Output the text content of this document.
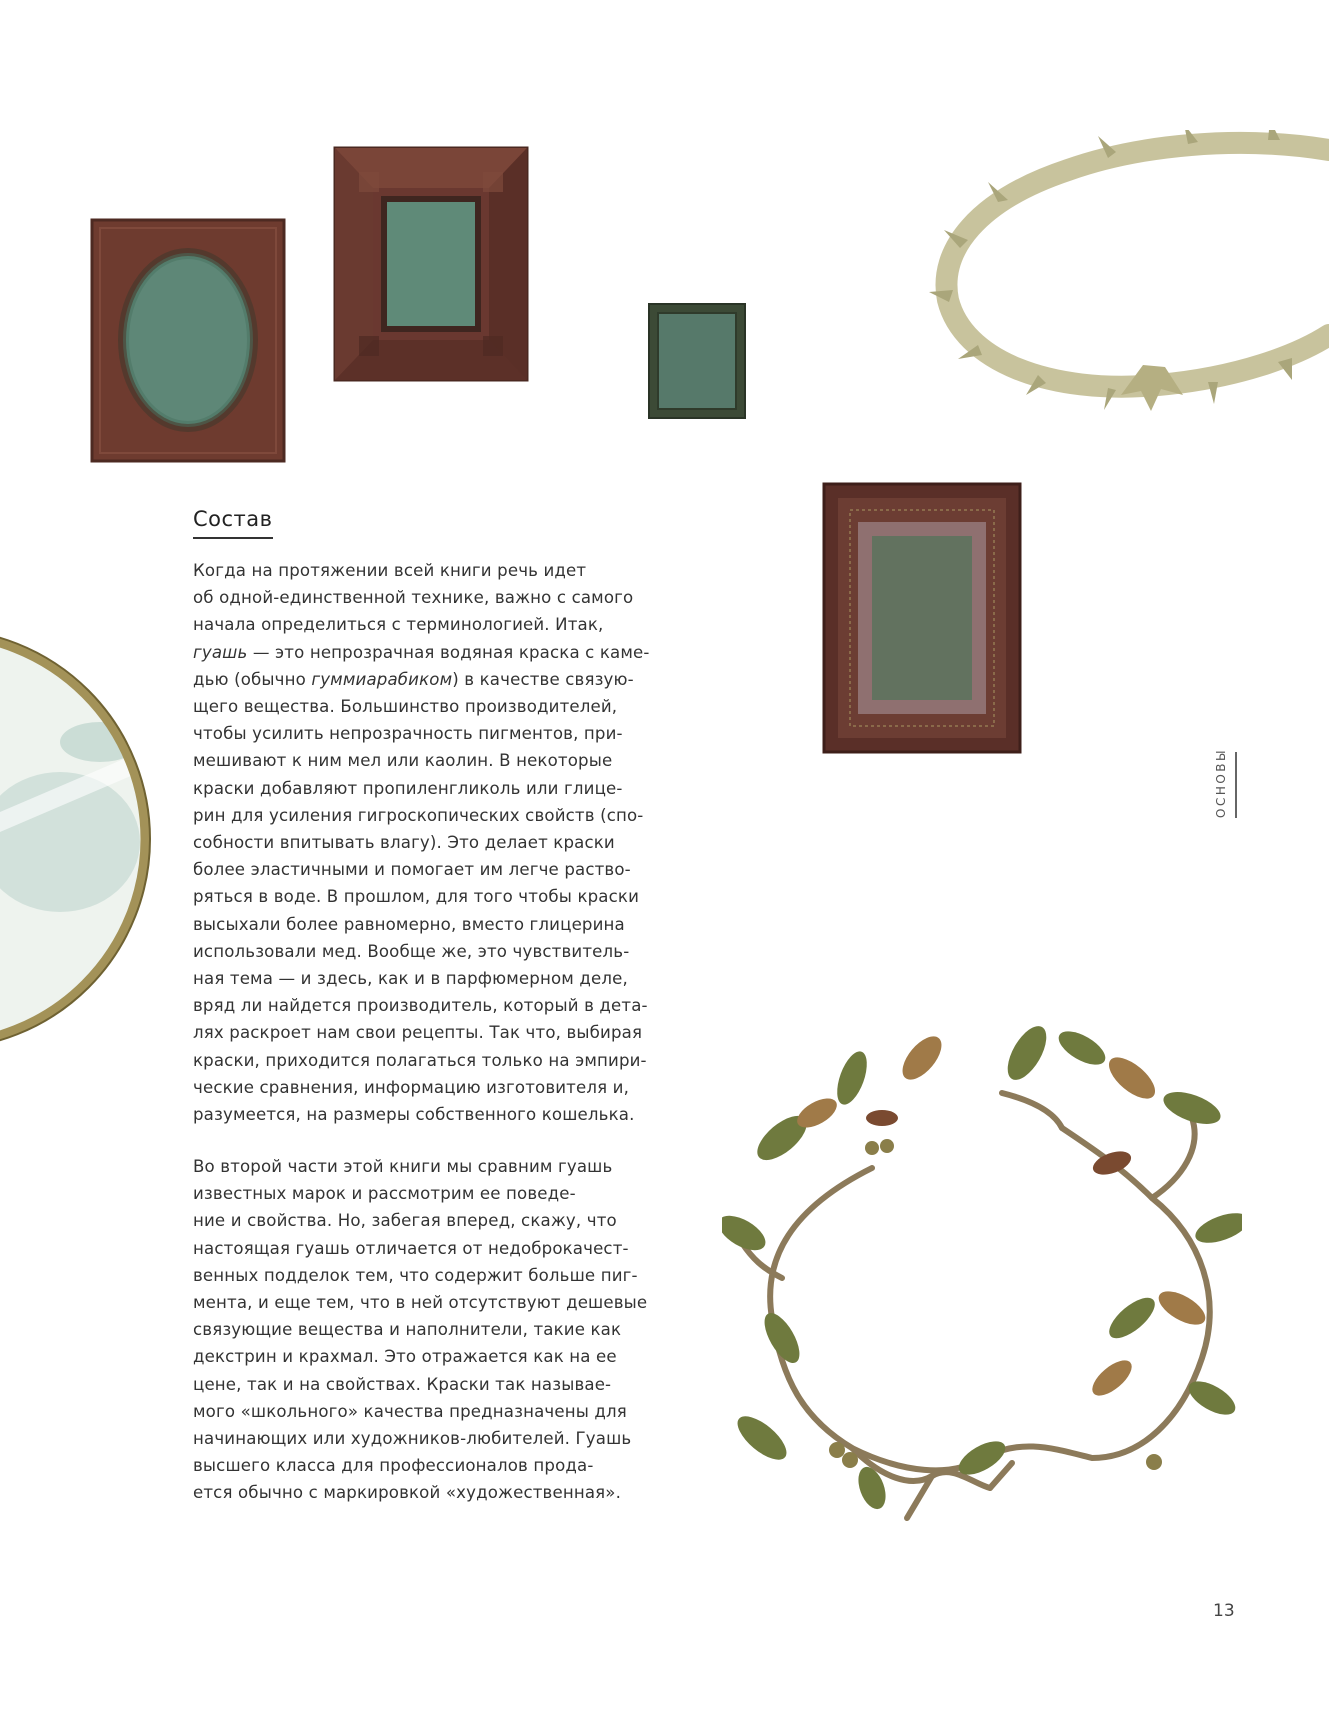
Состав

Когда на протяжении всей книги речь идет
об одной-единственной технике, важно с самого
начала определиться с терминологией. Итак,
гуашь — это непрозрачная водяная краска с каме-
дью (обычно гуммиарабиком) в качестве связую-
щего вещества. Большинство производителей,
чтобы усилить непрозрачность пигментов, при-
мешивают к ним мел или каолин. В некоторые
краски добавляют пропиленгликоль или глице-
рин для усиления гигроскопических свойств (спо-
собности впитывать влагу). Это делает краски
более эластичными и помогает им легче раство-
ряться в воде. В прошлом, для того чтобы краски
высыхали более равномерно, вместо глицерина
использовали мед. Вообще же, это чувствитель-
ная тема — и здесь, как и в парфюмерном деле,
вряд ли найдется производитель, который в дета-
лях раскроет нам свои рецепты. Так что, выбирая
краски, приходится полагаться только на эмпири-
ческие сравнения, информацию изготовителя и,
разумеется, на размеры собственного кошелька.

Во второй части этой книги мы сравним гуашь
известных марок и рассмотрим ее поведе-
ние и свойства. Но, забегая вперед, скажу, что
настоящая гуашь отличается от недоброкачест-
венных подделок тем, что содержит больше пиг-
мента, и еще тем, что в ней отсутствуют дешевые
связующие вещества и наполнители, такие как
декстрин и крахмал. Это отражается как на ее
цене, так и на свойствах. Краски так называе-
мого «школьного» качества предназначены для
начинающих или художников-любителей. Гуашь
высшего класса для профессионалов прода-
ется обычно с маркировкой «художественная».

ОСНОВЫ
13
